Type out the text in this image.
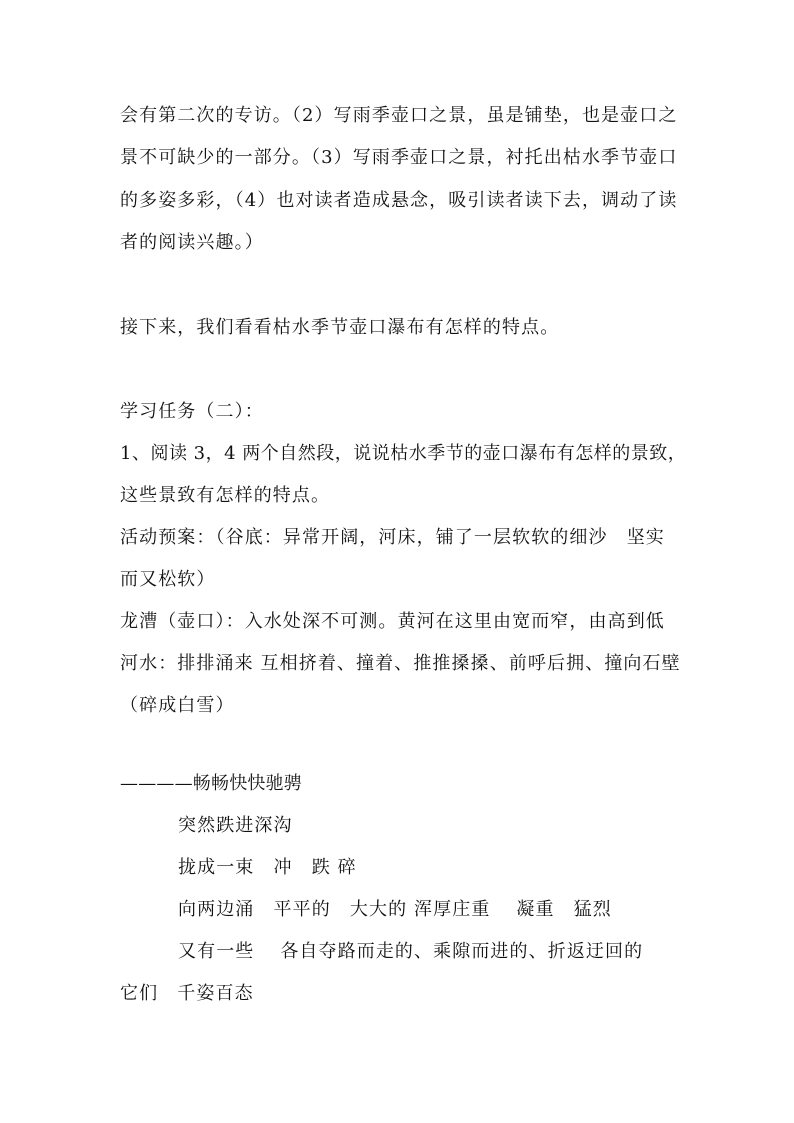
会有第二次的专访。（2）写雨季壶口之景，虽是铺垫，也是壶口之
景不可缺少的一部分。（3）写雨季壶口之景，衬托出枯水季节壶口
的多姿多彩，（4）也对读者造成悬念，吸引读者读下去，调动了读
者的阅读兴趣。）
接下来，我们看看枯水季节壶口瀑布有怎样的特点。
学习任务（二）：
1、阅读 3，4 两个自然段，说说枯水季节的壶口瀑布有怎样的景致，
这些景致有怎样的特点。
活动预案：（谷底：异常开阔，河床，铺了一层软软的细沙　坚实
而又松软）
龙漕（壶口）：入水处深不可测。黄河在这里由宽而窄，由高到低
河水：排排涌来 互相挤着、撞着、推推搡搡、前呼后拥、撞向石壁
（碎成白雪）
————畅畅快快驰骋
突然跌进深沟
拢成一束　冲　跌 碎
向两边涌　平平的　大大的 浑厚庄重　 凝重　猛烈
又有一些　 各自夺路而走的、乘隙而进的、折返迂回的
它们　千姿百态
